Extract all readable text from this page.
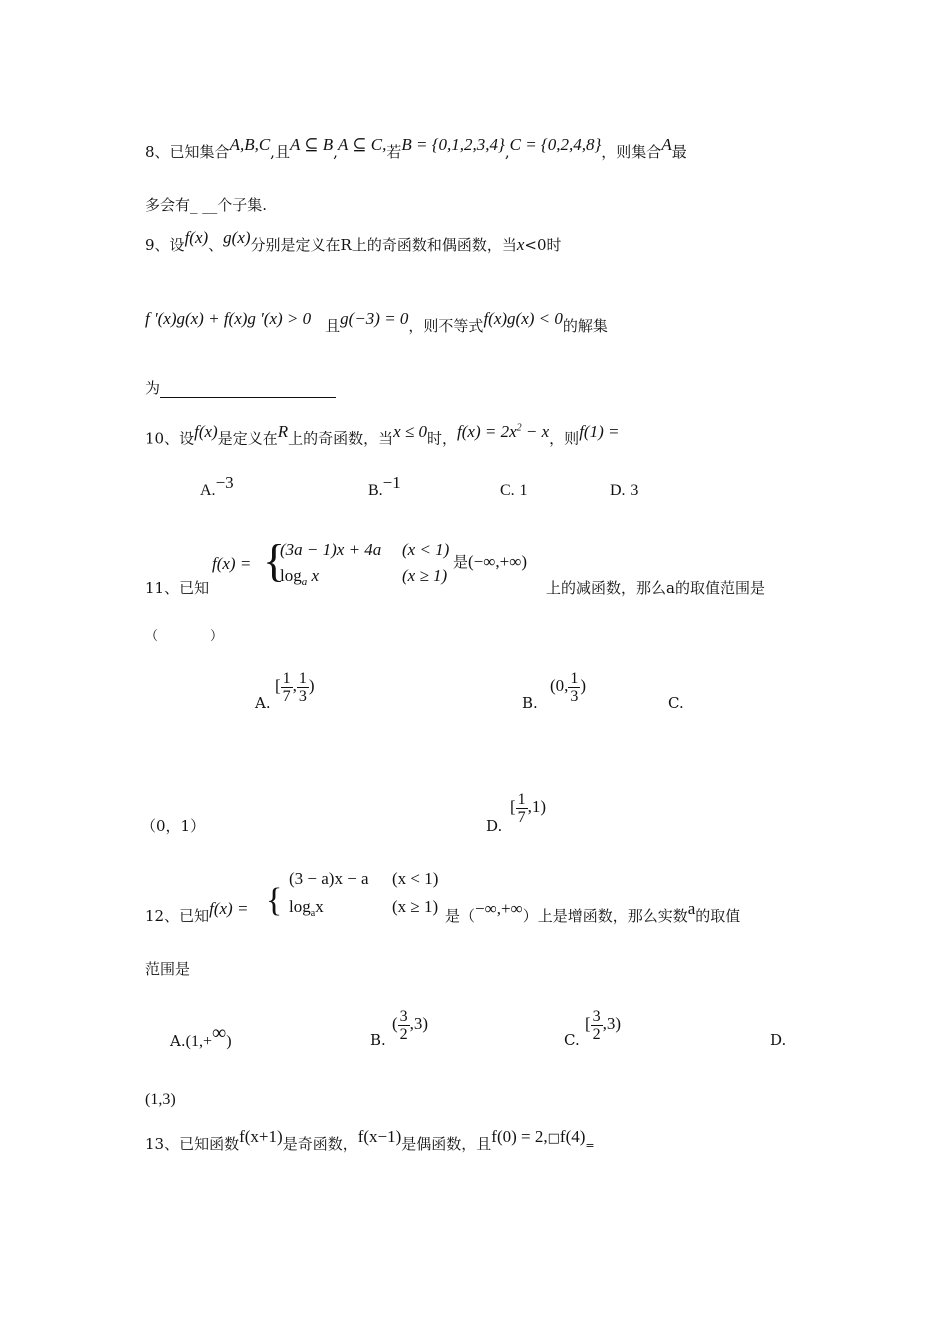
8、已知集合A,B,C,且A ⊆ B,A ⊆ C,若B = {0,1,2,3,4},C = {0,2,4,8}，则集合A最
多会有_ __个子集.
9、设f(x)、g(x)分别是定义在R上的奇函数和偶函数，当x<0时
f '(x)g(x) + f(x)g '(x) > 0 且g(−3) = 0，则不等式f(x)g(x) < 0的解集
为
10、设f(x)是定义在R上的奇函数，当x ≤ 0时，$f(x) = 2x^2 - x$，则f(1) =
A.−3	B.−1	C. 1	D. 3
f(x) = {
(3a − 1)x + 4a (x < 1)
$\log_a x$	(x ≥ 1)
是(−∞,+∞)
11、已知	上的减函数，那么a的取值范围是
（　　　　）
A.
[ $\frac{1}{7}$ , $\frac{1}{3}$ )
B.
(0, $\frac{1}{3}$ )
C.
（0，1）	D.
[ $\frac{1}{7} ,1$)
(3 − a)x − a (x < 1)
{
12、已知$f(x) = \log_ax$	(x ≥ 1) 是（−∞,+∞）上是增函数，那么实数a的取值
范围是
A.(1,+∞)	B.
( $\frac{3}{2} ,3$)
C.
[ $\frac{3}{2} ,3$)
D.
(1,3)
13、已知函数f(x+1)是奇函数，f(x−1)是偶函数，且f(0) = 2,□f(4)=
